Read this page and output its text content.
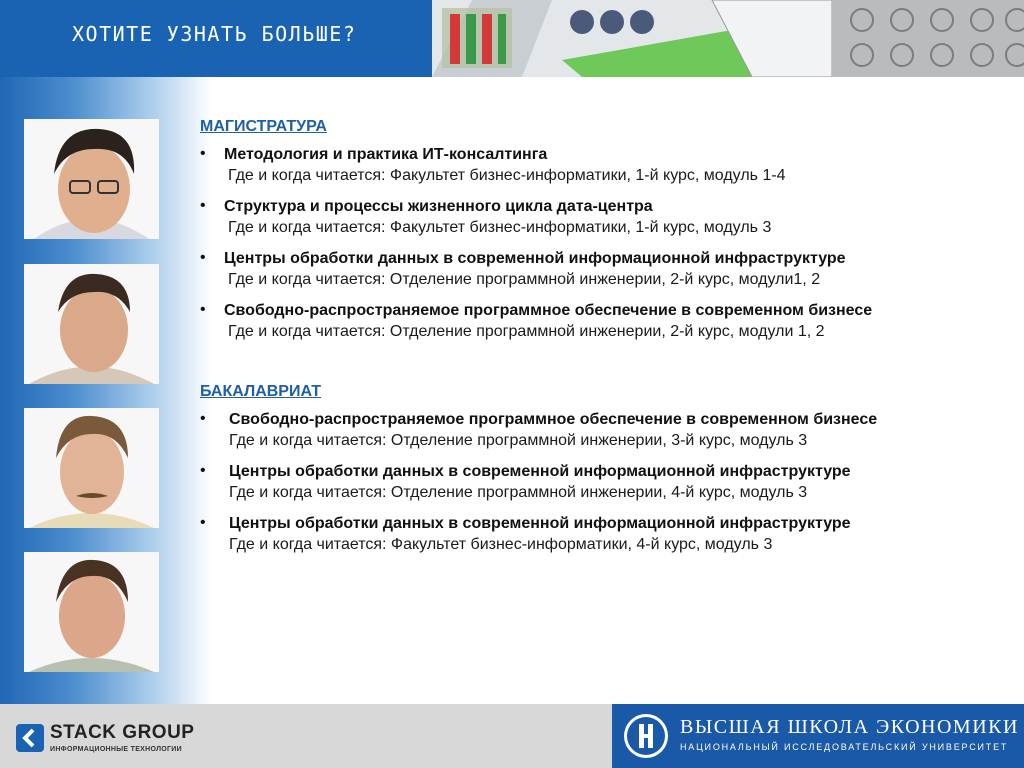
ХОТИТЕ УЗНАТЬ БОЛЬШЕ?
МАГИСТРАТУРА
•	Методология и практика ИТ-консалтинга
Где и когда читается: Факультет бизнес-информатики, 1-й курс, модуль 1-4
•	Структура и процессы жизненного цикла дата-центра
Где и когда читается: Факультет бизнес-информатики, 1-й курс, модуль 3
•	Центры обработки данных в современной информационной инфраструктуре
Где и когда читается: Отделение программной инженерии, 2-й курс, модули1, 2
•	Свободно-распространяемое программное обеспечение в современном бизнесе
Где и когда читается: Отделение программной инженерии, 2-й курс, модули 1, 2
БАКАЛАВРИАТ
•	Свободно-распространяемое программное обеспечение в современном бизнесе
Где и когда читается: Отделение программной инженерии, 3-й курс, модуль 3
•	Центры обработки данных в современной информационной инфраструктуре
Где и когда читается: Отделение программной инженерии, 4-й курс, модуль 3
•	Центры обработки данных в современной информационной инфраструктуре
Где и когда читается: Факультет бизнес-информатики, 4-й курс, модуль 3
STACK GROUP
ИНФОРМАЦИОННЫЕ ТЕХНОЛОГИИ
ВЫСШАЯ ШКОЛА ЭКОНОМИКИ
НАЦИОНАЛЬНЫЙ ИССЛЕДОВАТЕЛЬСКИЙ УНИВЕРСИТЕТ
